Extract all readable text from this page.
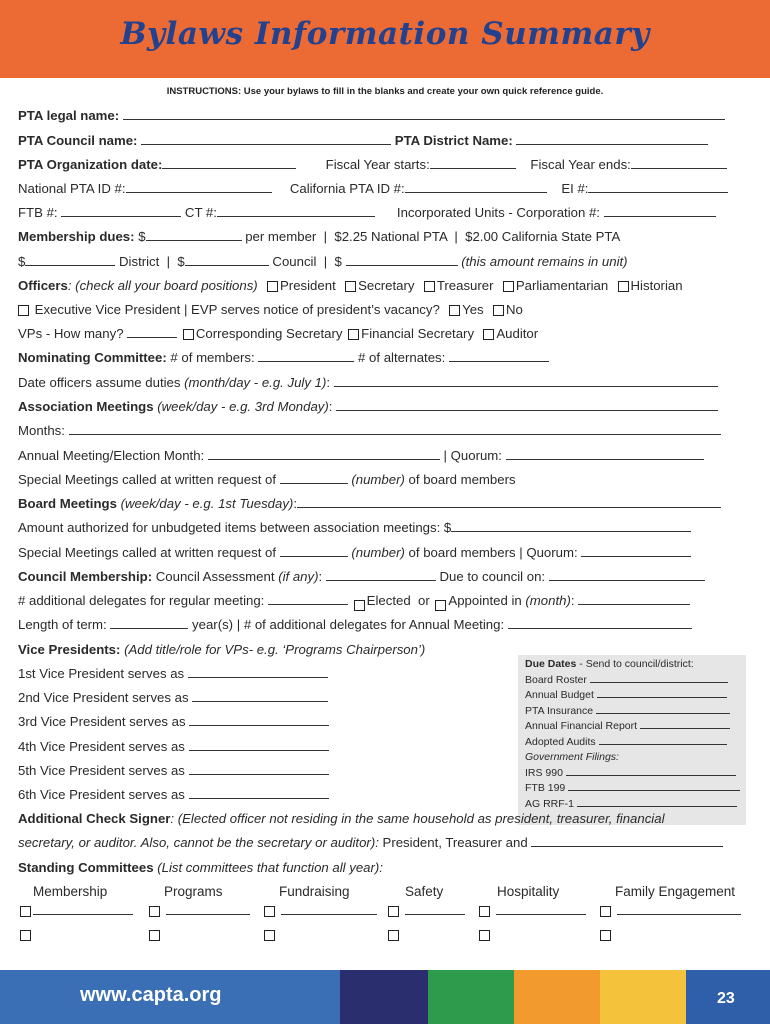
Bylaws Information Summary
INSTRUCTIONS: Use your bylaws to fill in the blanks and create your own quick reference guide.
PTA legal name:
PTA Council name:	PTA District Name:
PTA Organization date:	Fiscal Year starts:	Fiscal Year ends:
National PTA ID #:	California PTA ID #:	EI #:
FTB #:	CT #:	Incorporated Units - Corporation #:
Membership dues: $	per member | $2.25 National PTA | $2.00 California State PTA
$	District | $	Council | $	(this amount remains in unit)
Officers: (check all your board positions) President Secretary Treasurer Parliamentarian Historian
Executive Vice President | EVP serves notice of president’s vacancy? Yes No
VPs - How many?	Corresponding Secretary Financial Secretary Auditor
Nominating Committee: # of members:	# of alternates:
Date officers assume duties (month/day - e.g. July 1):
Association Meetings (week/day - e.g. 3rd Monday):
Months:
Annual Meeting/Election Month:	| Quorum:
Special Meetings called at written request of	(number) of board members
Board Meetings (week/day - e.g. 1st Tuesday):
Amount authorized for unbudgeted items between association meetings: $
Special Meetings called at written request of	(number) of board members | Quorum:
Council Membership: Council Assessment (if any):	Due to council on:
# additional delegates for regular meeting:	Elected or Appointed in (month):
Length of term:	year(s) | # of additional delegates for Annual Meeting:
Vice Presidents: (Add title/role for VPs- e.g. ‘Programs Chairperson’)
1st Vice President serves as
2nd Vice President serves as
3rd Vice President serves as
4th Vice President serves as
5th Vice President serves as
6th Vice President serves as
Due Dates - Send to council/district:
Board Roster
Annual Budget
PTA Insurance
Annual Financial Report
Adopted Audits
Government Filings:
IRS 990
FTB 199
AG RRF-1
Additional Check Signer: (Elected officer not residing in the same household as president, treasurer, financial
secretary, or auditor. Also, cannot be the secretary or auditor): President, Treasurer and
Standing Committees (List committees that function all year):
Membership	Programs	Fundraising	Safety	Hospitality	Family Engagement

www.capta.org	23
